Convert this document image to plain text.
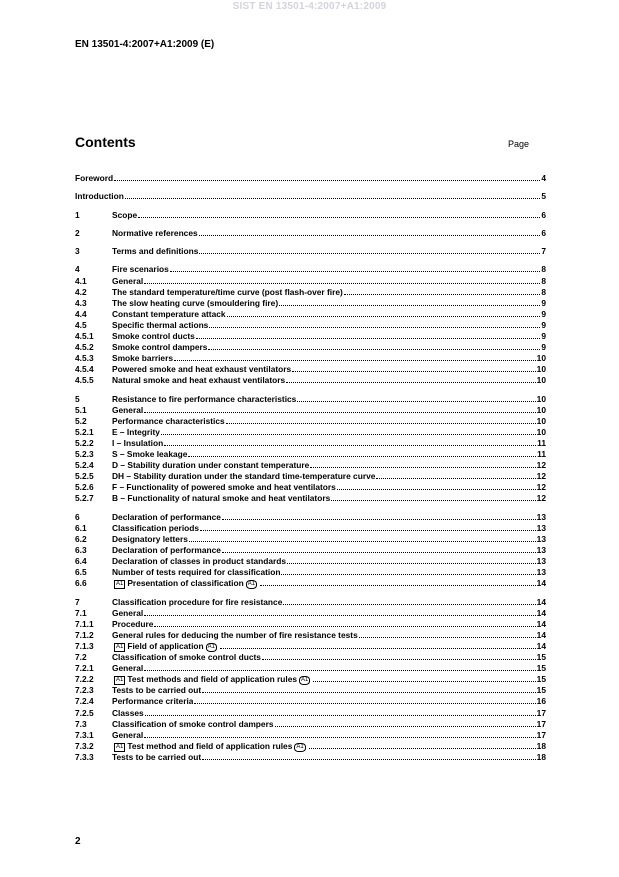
SIST EN 13501-4:2007+A1:2009
EN 13501-4:2007+A1:2009 (E)
Contents	Page
Foreword	4
Introduction	5
1	Scope	6
2	Normative references	6
3	Terms and definitions	7
4	Fire scenarios	8
4.1	General	8
4.2	The standard temperature/time curve (post flash-over fire)	8
4.3	The slow heating curve (smouldering fire)	9
4.4	Constant temperature attack	9
4.5	Specific thermal actions	9
4.5.1	Smoke control ducts	9
4.5.2	Smoke control dampers	9
4.5.3	Smoke barriers	10
4.5.4	Powered smoke and heat exhaust ventilators	10
4.5.5	Natural smoke and heat exhaust ventilators	10
5	Resistance to fire performance characteristics	10
5.1	General	10
5.2	Performance characteristics	10
5.2.1	E – Integrity	10
5.2.2	I – Insulation	11
5.2.3	S – Smoke leakage	11
5.2.4	D – Stability duration under constant temperature	12
5.2.5	DH – Stability duration under the standard time-temperature curve	12
5.2.6	F – Functionality of powered smoke and heat ventilators	12
5.2.7	B – Functionality of natural smoke and heat ventilators	12
6	Declaration of performance	13
6.1	Classification periods	13
6.2	Designatory letters	13
6.3	Declaration of performance	13
6.4	Declaration of classes in product standards	13
6.5	Number of tests required for classification	13
6.6	A1 Presentation of classification A1	14
7	Classification procedure for fire resistance	14
7.1	General	14
7.1.1	Procedure	14
7.1.2	General rules for deducing the number of fire resistance tests	14
7.1.3	A1 Field of application A1	14
7.2	Classification of smoke control ducts	15
7.2.1	General	15
7.2.2	A1 Test methods and field of application rules A1	15
7.2.3	Tests to be carried out	15
7.2.4	Performance criteria	16
7.2.5	Classes	17
7.3	Classification of smoke control dampers	17
7.3.1	General	17
7.3.2	A1 Test method and field of application rules A1	18
7.3.3	Tests to be carried out	18
2
